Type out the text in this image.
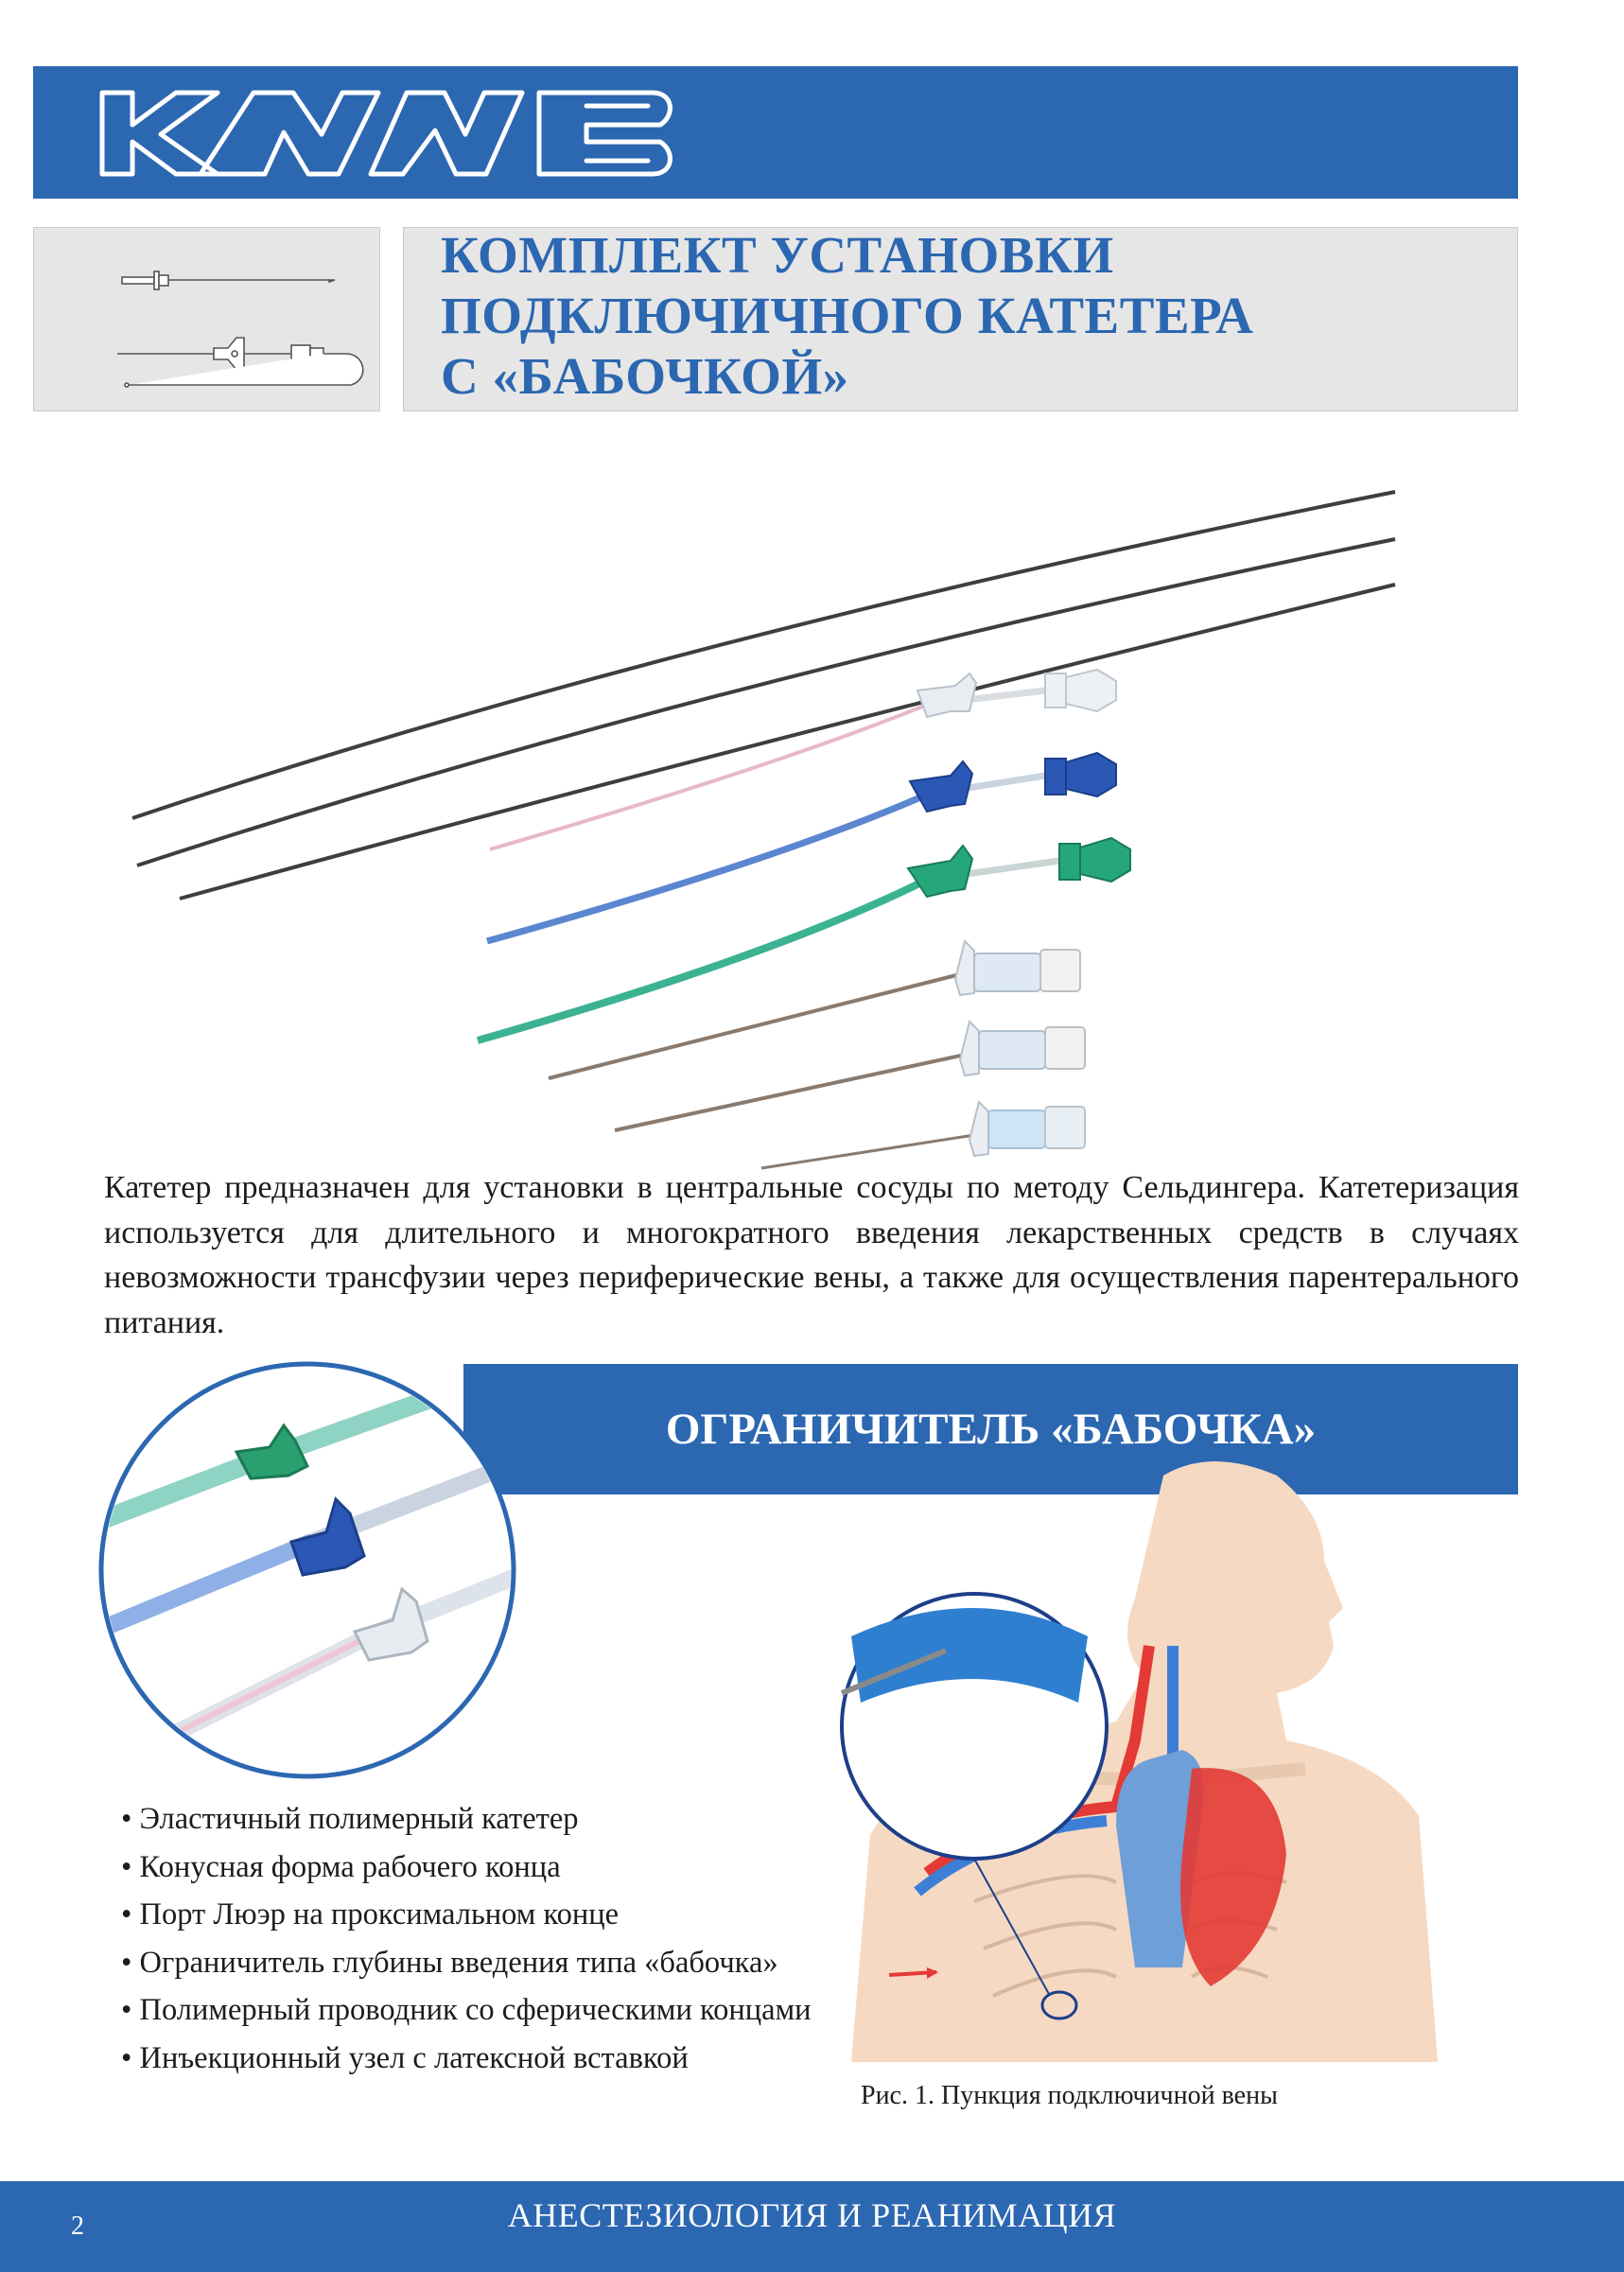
KAMMED
КОМПЛЕКТ УСТАНОВКИ
ПОДКЛЮЧИЧНОГО КАТЕТЕРА
С «БАБОЧКОЙ»
Катетер предназначен для установки в центральные сосуды по методу Сельдингера. Катетеризация используется для длительного и многократного введения лекарственных средств в случаях невозможности трансфузии через периферические вены, а также для осуществления парентерального питания.
ОГРАНИЧИТЕЛЬ «БАБОЧКА»
• Эластичный полимерный катетер
• Конусная форма рабочего конца
• Порт Люэр на проксимальном конце
• Ограничитель глубины введения типа «бабочка»
• Полимерный проводник со сферическими концами
• Инъекционный узел с латексной вставкой
Рис. 1. Пункция подключичной вены
2	АНЕСТЕЗИОЛОГИЯ И РЕАНИМАЦИЯ
